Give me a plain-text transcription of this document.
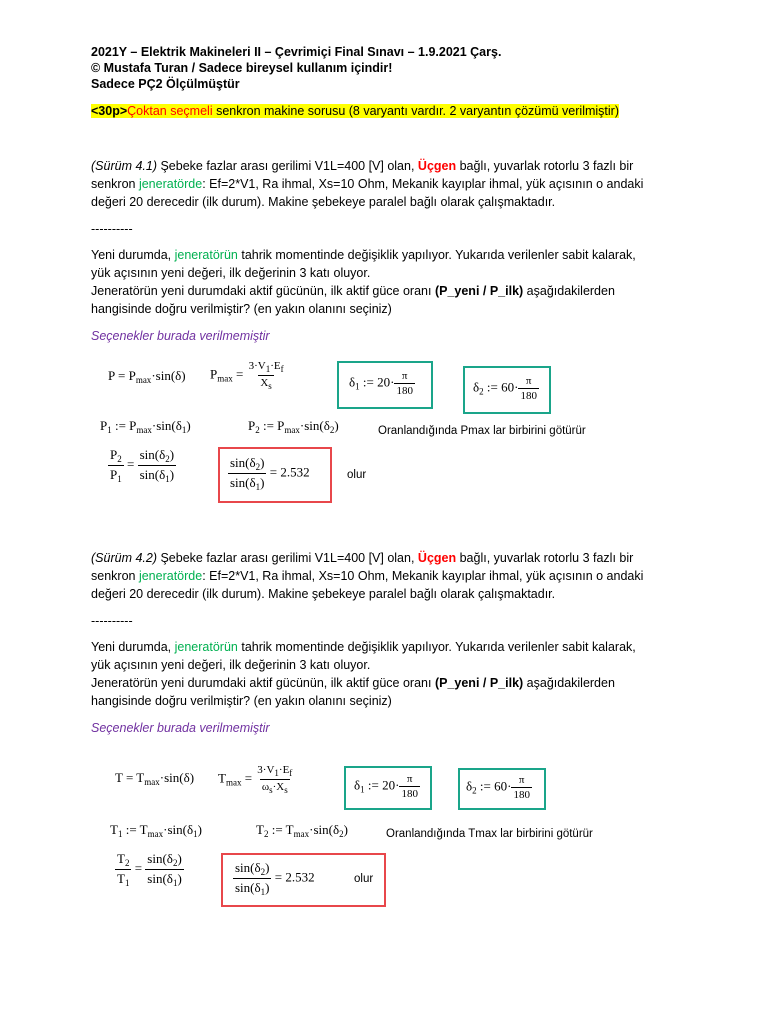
2021Y – Elektrik Makineleri II – Çevrimiçi Final Sınavı – 1.9.2021 Çarş.
© Mustafa Turan / Sadece bireysel kullanım içindir!
Sadece PÇ2 Ölçülmüştür
<30p>Çoktan seçmeli senkron makine sorusu (8 varyantı vardır. 2 varyantın çözümü verilmiştir)
(Sürüm 4.1) Şebeke fazlar arası gerilimi V1L=400 [V] olan, Üçgen bağlı, yuvarlak rotorlu 3 fazlı bir
senkron jeneratörde: Ef=2*V1, Ra ihmal, Xs=10 Ohm, Mekanik kayıplar ihmal, yük açısının o andaki
değeri 20 derecedir (ilk durum). Makine şebekeye paralel bağlı olarak çalışmaktadır.
----------
Yeni durumda, jeneratörün tahrik momentinde değişiklik yapılıyor. Yukarıda verilenler sabit kalarak,
yük açısının yeni değeri, ilk değerinin 3 katı oluyor.
Jeneratörün yeni durumdaki aktif gücünün, ilk aktif güce oranı (P_yeni / P_ilk) aşağıdakilerden
hangisinde doğru verilmiştir? (en yakın olanını seçiniz)
Seçenekler burada verilmemiştir
$P = P_{max}\cdot\sin(\delta) P_{max} = \frac{3\cdot V_1\cdot E_f}{X_s}$	$\delta_1$ := $20\cdot \frac{\pi}{180}$	$\delta_2$ := $60\cdot \frac{\pi}{180}$
$P_1$ := $P_{max}\cdot\sin(\delta_1)$	$P_2$ := $P_{max}\cdot\sin(\delta_2)$	Oranlandığında Pmax lar birbirini götürür
$\frac{P_2}{P_1} = \frac{\sin(\delta_2)}{\sin(\delta_1)}$	$\frac{\sin(\delta_2)}{\sin(\delta_1)} = 2.532$	olur
(Sürüm 4.2) Şebeke fazlar arası gerilimi V1L=400 [V] olan, Üçgen bağlı, yuvarlak rotorlu 3 fazlı bir
senkron jeneratörde: Ef=2*V1, Ra ihmal, Xs=10 Ohm, Mekanik kayıplar ihmal, yük açısının o andaki
değeri 20 derecedir (ilk durum). Makine şebekeye paralel bağlı olarak çalışmaktadır.
----------
Yeni durumda, jeneratörün tahrik momentinde değişiklik yapılıyor. Yukarıda verilenler sabit kalarak,
yük açısının yeni değeri, ilk değerinin 3 katı oluyor.
Jeneratörün yeni durumdaki aktif gücünün, ilk aktif güce oranı (P_yeni / P_ilk) aşağıdakilerden
hangisinde doğru verilmiştir? (en yakın olanını seçiniz)
Seçenekler burada verilmemiştir
$T = T_{max}\cdot\sin(\delta) T_{max} = \frac{3\cdot V_1\cdot E_f}{\omega_s\cdot X_s}$	$\delta_1$ := $20\cdot \frac{\pi}{180}$	$\delta_2$ := $60\cdot \frac{\pi}{180}$
$T_1$ := $T_{max}\cdot\sin(\delta_1)$	$T_2$ := $T_{max}\cdot\sin(\delta_2)$	Oranlandığında Tmax lar birbirini götürür
$\frac{T_2}{T_1} = \frac{\sin(\delta_2)}{\sin(\delta_1)}$	$\frac{\sin(\delta_2)}{\sin(\delta_1)} = 2.532$	olur
